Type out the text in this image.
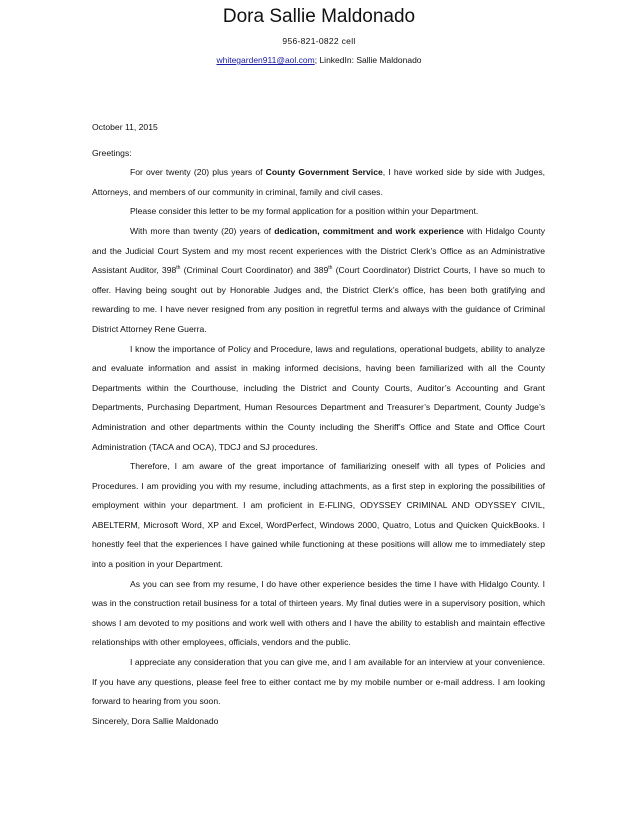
Dora Sallie Maldonado
956-821-0822 cell
whitegarden911@aol.com; LinkedIn: Sallie Maldonado

October 11, 2015

Greetings:

For over twenty (20) plus years of County Government Service, I have worked side by side with Judges, Attorneys, and members of our community in criminal, family and civil cases.

Please consider this letter to be my formal application for a position within your Department.

With more than twenty (20) years of dedication, commitment and work experience with Hidalgo County and the Judicial Court System and my most recent experiences with the District Clerk’s Office as an Administrative Assistant Auditor, 398th (Criminal Court Coordinator) and 389th (Court Coordinator) District Courts, I have so much to offer. Having being sought out by Honorable Judges and, the District Clerk’s office, has been both gratifying and rewarding to me. I have never resigned from any position in regretful terms and always with the guidance of Criminal District Attorney Rene Guerra.

I know the importance of Policy and Procedure, laws and regulations, operational budgets, ability to analyze and evaluate information and assist in making informed decisions, having been familiarized with all the County Departments within the Courthouse, including the District and County Courts, Auditor’s Accounting and Grant Departments, Purchasing Department, Human Resources Department and Treasurer’s Department, County Judge’s Administration and other departments within the County including the Sheriff’s Office and State and Office Court Administration (TACA and OCA), TDCJ and SJ procedures.

Therefore, I am aware of the great importance of familiarizing oneself with all types of Policies and Procedures. I am providing you with my resume, including attachments, as a first step in exploring the possibilities of employment within your department. I am proficient in E-FLING, ODYSSEY CRIMINAL AND ODYSSEY CIVIL, ABELTERM, Microsoft Word, XP and Excel, WordPerfect, Windows 2000, Quatro, Lotus and Quicken QuickBooks. I honestly feel that the experiences I have gained while functioning at these positions will allow me to immediately step into a position in your Department.

As you can see from my resume, I do have other experience besides the time I have with Hidalgo County. I was in the construction retail business for a total of thirteen years. My final duties were in a supervisory position, which shows I am devoted to my positions and work well with others and I have the ability to establish and maintain effective relationships with other employees, officials, vendors and the public.

I appreciate any consideration that you can give me, and I am available for an interview at your convenience. If you have any questions, please feel free to either contact me by my mobile number or e-mail address. I am looking forward to hearing from you soon.

Sincerely, Dora Sallie Maldonado
